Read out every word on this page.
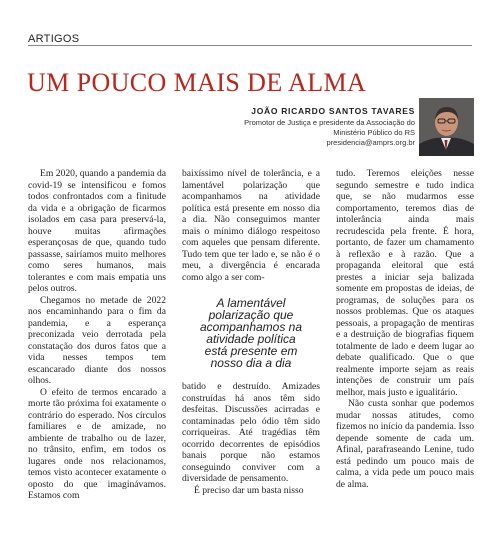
ARTIGOS
UM POUCO MAIS DE ALMA
JOÃO RICARDO SANTOS TAVARES
Promotor de Justiça e presidente da Associação do
Ministério Público do RS
presidencia@amprs.org.br

Em 2020, quando a pandemia da covid-19 se intensificou e fomos todos confrontados com a finitude da vida e a obrigação de ficarmos isolados em casa para preservá-la, houve muitas afirmações esperançosas de que, quando tudo passasse, sairíamos muito melhores como seres humanos, mais tolerantes e com mais empatia uns pelos outros.

Chegamos no metade de 2022 nos encaminhando para o fim da pandemia, e a esperança preconizada veio derrotada pela constatação dos duros fatos que a vida nesses tempos tem escancarado diante dos nossos olhos.

O efeito de termos encarado a morte tão próxima foi exatamente o contrário do esperado. Nos círculos familiares e de amizade, no ambiente de trabalho ou de lazer, no trânsito, enfim, em todos os lugares onde nos relacionamos, temos visto acontecer exatamente o oposto do que imaginávamos. Estamos com

baixíssimo nível de tolerância, e a lamentável polarização que acompanhamos na atividade política está presente em nosso dia a dia. Não conseguimos manter mais o mínimo diálogo respeitoso com aqueles que pensam diferente. Tudo tem que ter lado e, se não é o meu, a divergência é encarada como algo a ser com-

A lamentável
polarização que
acompanhamos na
atividade política
está presente em
nosso dia a dia

batido e destruído. Amizades construídas há anos têm sido desfeitas. Discussões acirradas e contaminadas pelo ódio têm sido corriqueiras. Até tragédias têm ocorrido decorrentes de episódios banais porque não estamos conseguindo conviver com a diversidade de pensamento.

É preciso dar um basta nisso

tudo. Teremos eleições nesse segundo semestre e tudo indica que, se não mudarmos esse comportamento, teremos dias de intolerância ainda mais recrudescida pela frente. É hora, portanto, de fazer um chamamento à reflexão e à razão. Que a propaganda eleitoral que está prestes a iniciar seja balizada somente em propostas de ideias, de programas, de soluções para os nossos problemas. Que os ataques pessoais, a propagação de mentiras e a destruição de biografias fiquem totalmente de lado e deem lugar ao debate qualificado. Que o que realmente importe sejam as reais intenções de construir um país melhor, mais justo e igualitário.

Não custa sonhar que podemos mudar nossas atitudes, como fizemos no início da pandemia. Isso depende somente de cada um. Afinal, parafraseando Lenine, tudo está pedindo um pouco mais de calma, a vida pede um pouco mais de alma.
